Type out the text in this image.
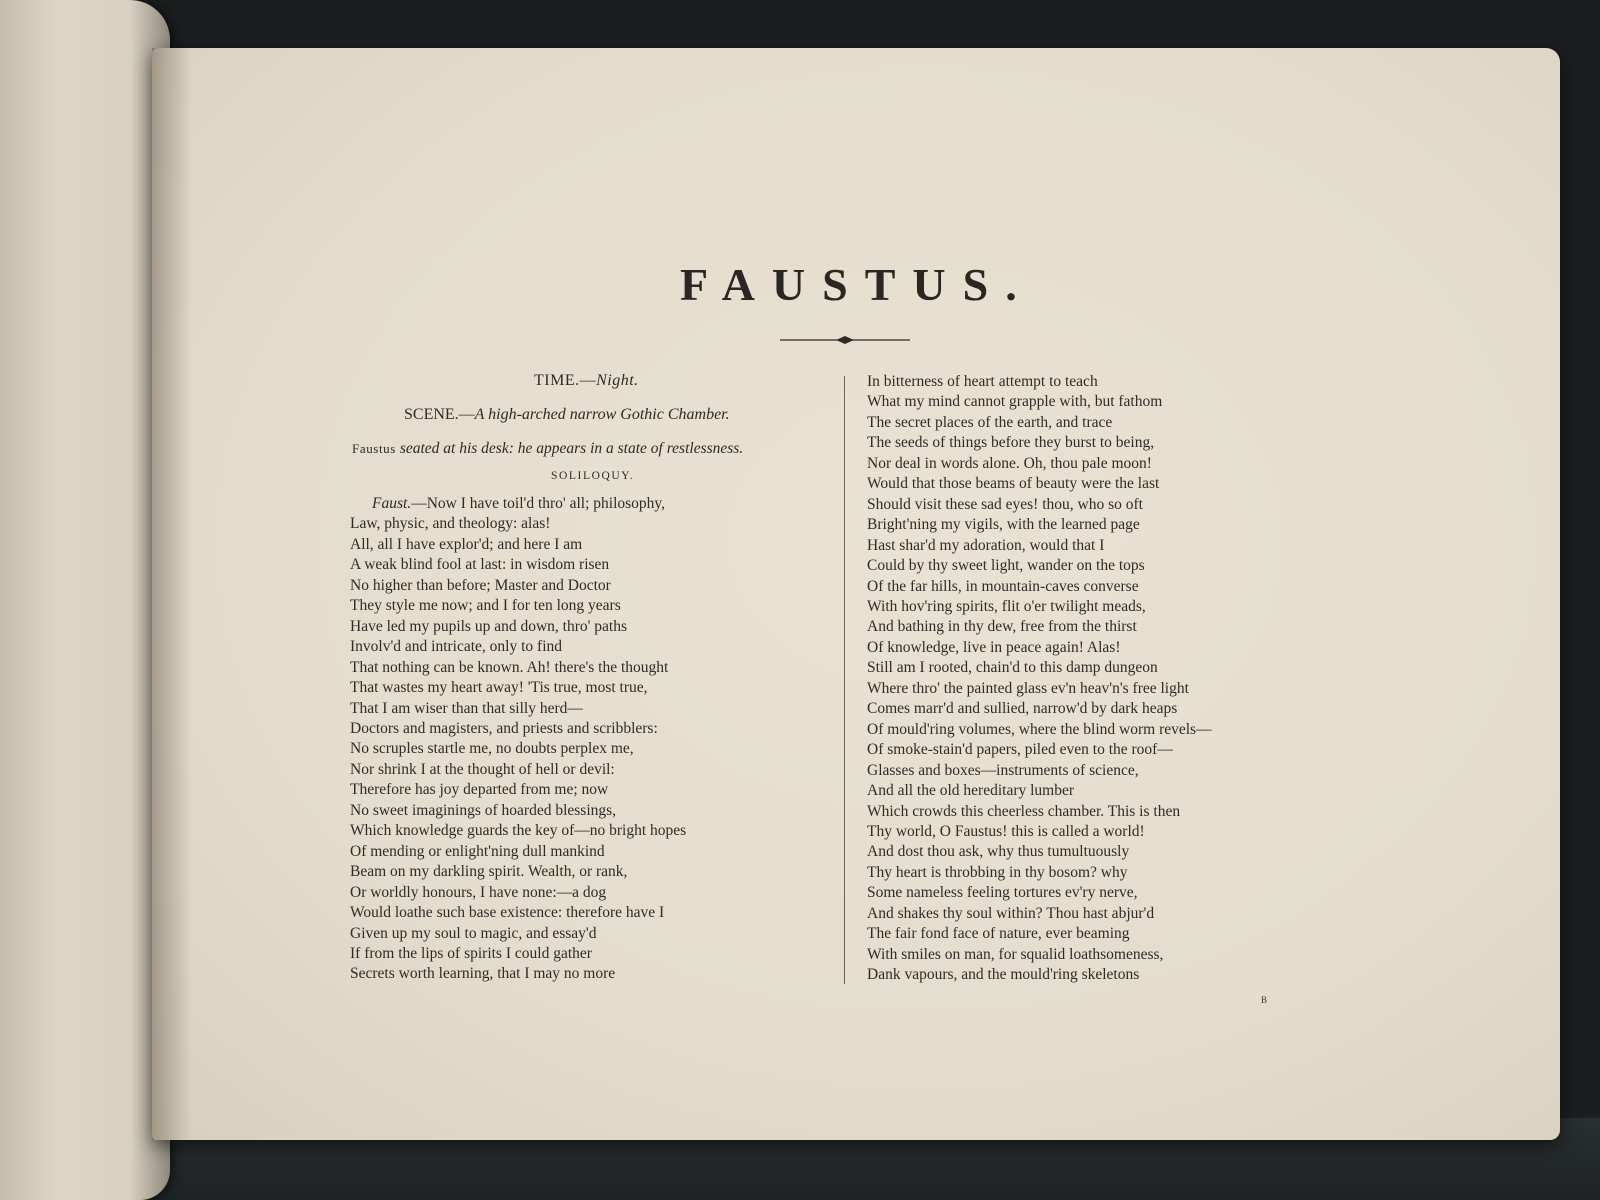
FAUSTUS.
TIME.—Night.
SCENE.—A high-arched narrow Gothic Chamber.
Faustus seated at his desk: he appears in a state of restlessness.
SOLILOQUY.
Faust.—Now I have toil'd thro' all; philosophy,
Law, physic, and theology: alas!
All, all I have explor'd; and here I am
A weak blind fool at last: in wisdom risen
No higher than before; Master and Doctor
They style me now; and I for ten long years
Have led my pupils up and down, thro' paths
Involv'd and intricate, only to find
That nothing can be known. Ah! there's the thought
That wastes my heart away! 'Tis true, most true,
That I am wiser than that silly herd—
Doctors and magisters, and priests and scribblers:
No scruples startle me, no doubts perplex me,
Nor shrink I at the thought of hell or devil:
Therefore has joy departed from me; now
No sweet imaginings of hoarded blessings,
Which knowledge guards the key of—no bright hopes
Of mending or enlight'ning dull mankind
Beam on my darkling spirit. Wealth, or rank,
Or worldly honours, I have none:—a dog
Would loathe such base existence: therefore have I
Given up my soul to magic, and essay'd
If from the lips of spirits I could gather
Secrets worth learning, that I may no more
In bitterness of heart attempt to teach
What my mind cannot grapple with, but fathom
The secret places of the earth, and trace
The seeds of things before they burst to being,
Nor deal in words alone. Oh, thou pale moon!
Would that those beams of beauty were the last
Should visit these sad eyes! thou, who so oft
Bright'ning my vigils, with the learned page
Hast shar'd my adoration, would that I
Could by thy sweet light, wander on the tops
Of the far hills, in mountain-caves converse
With hov'ring spirits, flit o'er twilight meads,
And bathing in thy dew, free from the thirst
Of knowledge, live in peace again! Alas!
Still am I rooted, chain'd to this damp dungeon
Where thro' the painted glass ev'n heav'n's free light
Comes marr'd and sullied, narrow'd by dark heaps
Of mould'ring volumes, where the blind worm revels—
Of smoke-stain'd papers, piled even to the roof—
Glasses and boxes—instruments of science,
And all the old hereditary lumber
Which crowds this cheerless chamber. This is then
Thy world, O Faustus! this is called a world!
And dost thou ask, why thus tumultuously
Thy heart is throbbing in thy bosom? why
Some nameless feeling tortures ev'ry nerve,
And shakes thy soul within? Thou hast abjur'd
The fair fond face of nature, ever beaming
With smiles on man, for squalid loathsomeness,
Dank vapours, and the mould'ring skeletons
B
